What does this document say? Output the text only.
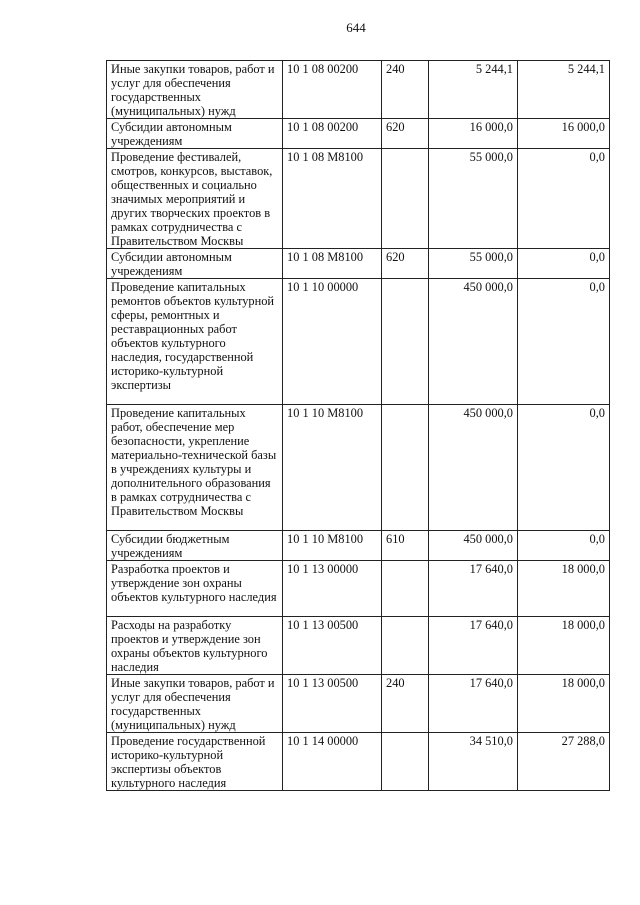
644
Иные закупки товаров, работ и услуг для обеспечения государственных (муниципальных) нужд	10 1 08 00200	240	5 244,1	5 244,1
Субсидии автономным учреждениям	10 1 08 00200	620	16 000,0	16 000,0
Проведение фестивалей, смотров, конкурсов, выставок, общественных и социально значимых мероприятий и других творческих проектов в рамках сотрудничества с Правительством Москвы	10 1 08 М8100		55 000,0	0,0
Субсидии автономным учреждениям	10 1 08 М8100	620	55 000,0	0,0
Проведение капитальных ремонтов объектов культурной сферы, ремонтных и реставрационных работ объектов культурного наследия, государственной историко-культурной экспертизы	10 1 10 00000		450 000,0	0,0
Проведение капитальных работ, обеспечение мер безопасности, укрепление материально-технической базы в учреждениях культуры и дополнительного образования в рамках сотрудничества с Правительством Москвы	10 1 10 М8100		450 000,0	0,0
Субсидии бюджетным учреждениям	10 1 10 М8100	610	450 000,0	0,0
Разработка проектов и утверждение зон охраны объектов культурного наследия	10 1 13 00000		17 640,0	18 000,0
Расходы на разработку проектов и утверждение зон охраны объектов культурного наследия	10 1 13 00500		17 640,0	18 000,0
Иные закупки товаров, работ и услуг для обеспечения государственных (муниципальных) нужд	10 1 13 00500	240	17 640,0	18 000,0
Проведение государственной историко-культурной экспертизы объектов культурного наследия	10 1 14 00000		34 510,0	27 288,0
